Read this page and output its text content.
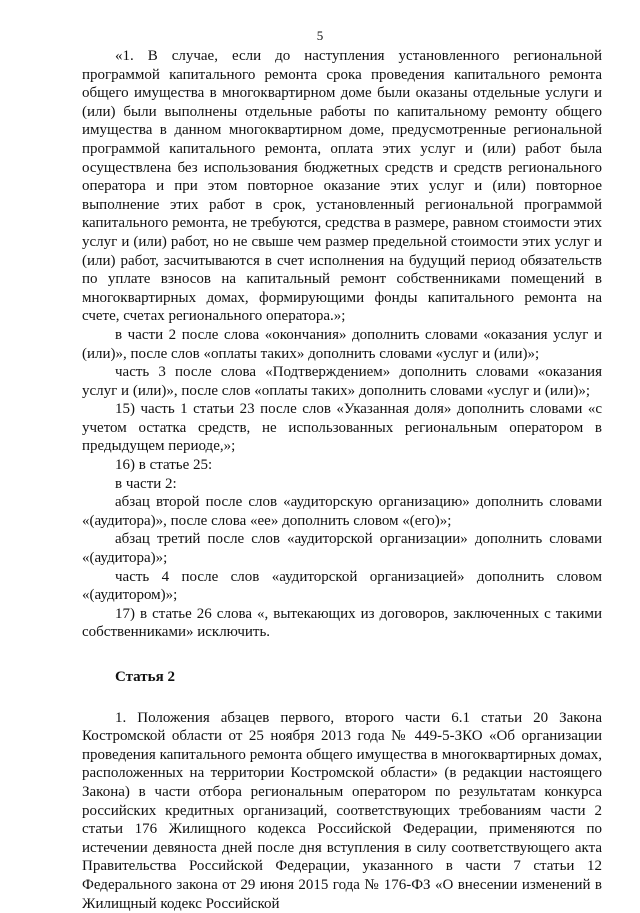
5

«1. В случае, если до наступления установленного региональной программой капитального ремонта срока проведения капитального ремонта общего имущества в многоквартирном доме были оказаны отдельные услуги и (или) были выполнены отдельные работы по капитальному ремонту общего имущества в данном многоквартирном доме, предусмотренные региональной программой капитального ремонта, оплата этих услуг и (или) работ была осуществлена без использования бюджетных средств и средств регионального оператора и при этом повторное оказание этих услуг и (или) повторное выполнение этих работ в срок, установленный региональной программой капитального ремонта, не требуются, средства в размере, равном стоимости этих услуг и (или) работ, но не свыше чем размер предельной стоимости этих услуг и (или) работ, засчитываются в счет исполнения на будущий период обязательств по уплате взносов на капитальный ремонт собственниками помещений в многоквартирных домах, формирующими фонды капитального ремонта на счете, счетах регионального оператора.»;

в части 2 после слова «окончания» дополнить словами «оказания услуг и (или)», после слов «оплаты таких» дополнить словами «услуг и (или)»;

часть 3 после слова «Подтверждением» дополнить словами «оказания услуг и (или)», после слов «оплаты таких» дополнить словами «услуг и (или)»;

15) часть 1 статьи 23 после слов «Указанная доля» дополнить словами «с учетом остатка средств, не использованных региональным оператором в предыдущем периоде,»;

16) в статье 25:

в части 2:

абзац второй после слов «аудиторскую организацию» дополнить словами «(аудитора)», после слова «ее» дополнить словом «(его)»;

абзац третий после слов «аудиторской организации» дополнить словами «(аудитора)»;

часть 4 после слов «аудиторской организацией» дополнить словом «(аудитором)»;

17) в статье 26 слова «, вытекающих из договоров, заключенных с такими собственниками» исключить.

Статья 2

1. Положения абзацев первого, второго части 6.1 статьи 20 Закона Костромской области от 25 ноября 2013 года № 449-5-ЗКО «Об организации проведения капитального ремонта общего имущества в многоквартирных домах, расположенных на территории Костромской области» (в редакции настоящего Закона) в части отбора региональным оператором по результатам конкурса российских кредитных организаций, соответствующих требованиям части 2 статьи 176 Жилищного кодекса Российской Федерации, применяются по истечении девяноста дней после дня вступления в силу соответствующего акта Правительства Российской Федерации, указанного в части 7 статьи 12 Федерального закона от 29 июня 2015 года № 176-ФЗ «О внесении изменений в Жилищный кодекс Российской
